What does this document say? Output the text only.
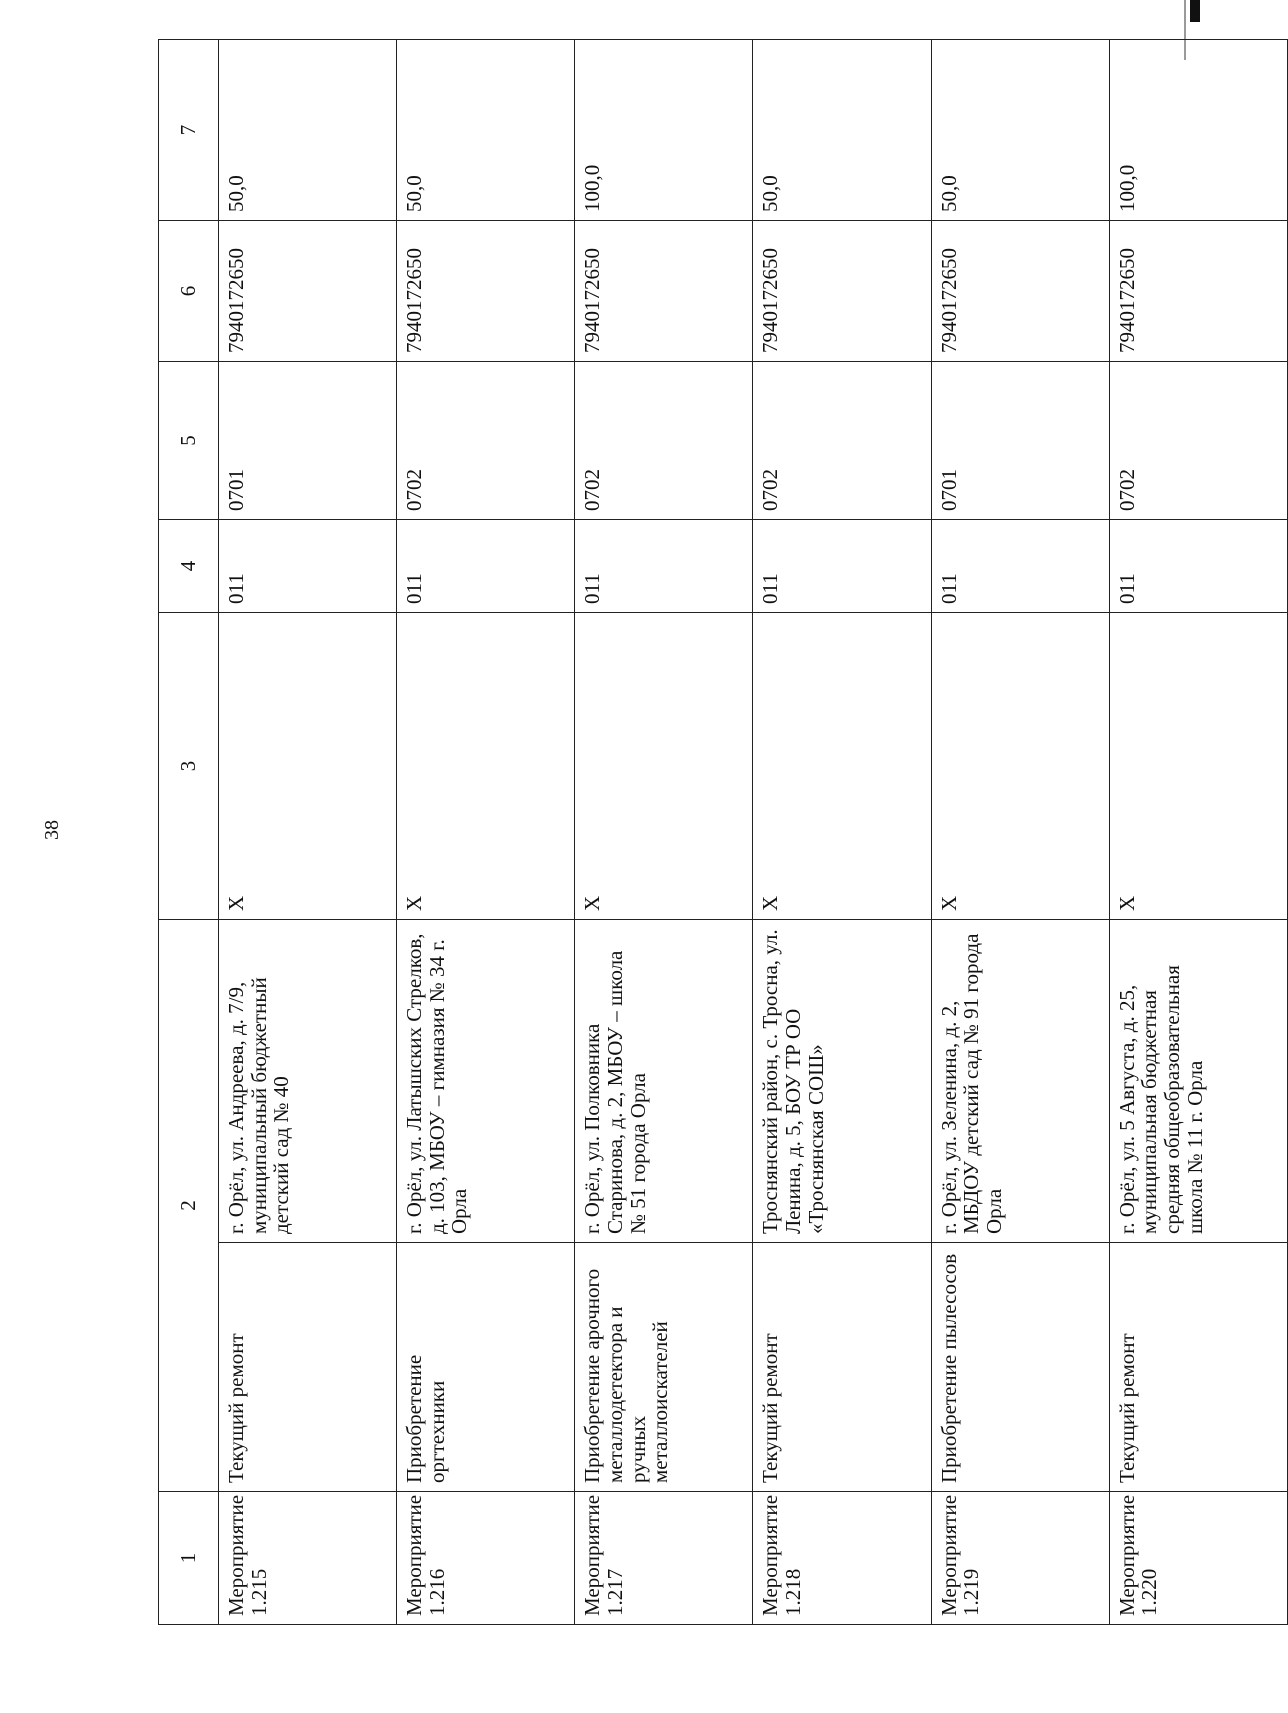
38
1	2		3	4	5	6	7
Мероприятие 1.215	Текущий ремонт	г. Орёл, ул. Андреева, д. 7/9, муниципальный бюджетный детский сад № 40	X	011	0701	7940172650	50,0
Мероприятие 1.216	Приобретение оргтехники	г. Орёл, ул. Латышских Стрелков, д. 103, МБОУ – гимназия № 34 г. Орла	X	011	0702	7940172650	50,0
Мероприятие 1.217	Приобретение арочного металлодетектора и ручных металлоискателей	г. Орёл, ул. Полковника Старинова, д. 2, МБОУ – школа № 51 города Орла	X	011	0702	7940172650	100,0
Мероприятие 1.218	Текущий ремонт	Троснянский район, с. Тросна, ул. Ленина, д. 5, БОУ ТР ОО «Троснянская СОШ»	X	011	0702	7940172650	50,0
Мероприятие 1.219	Приобретение пылесосов	г. Орёл, ул. Зеленина, д. 2, МБДОУ детский сад № 91 города Орла	X	011	0701	7940172650	50,0
Мероприятие 1.220	Текущий ремонт	г. Орёл, ул. 5 Августа, д. 25, муниципальная бюджетная средняя общеобразовательная школа № 11 г. Орла	X	011	0702	7940172650	100,0
